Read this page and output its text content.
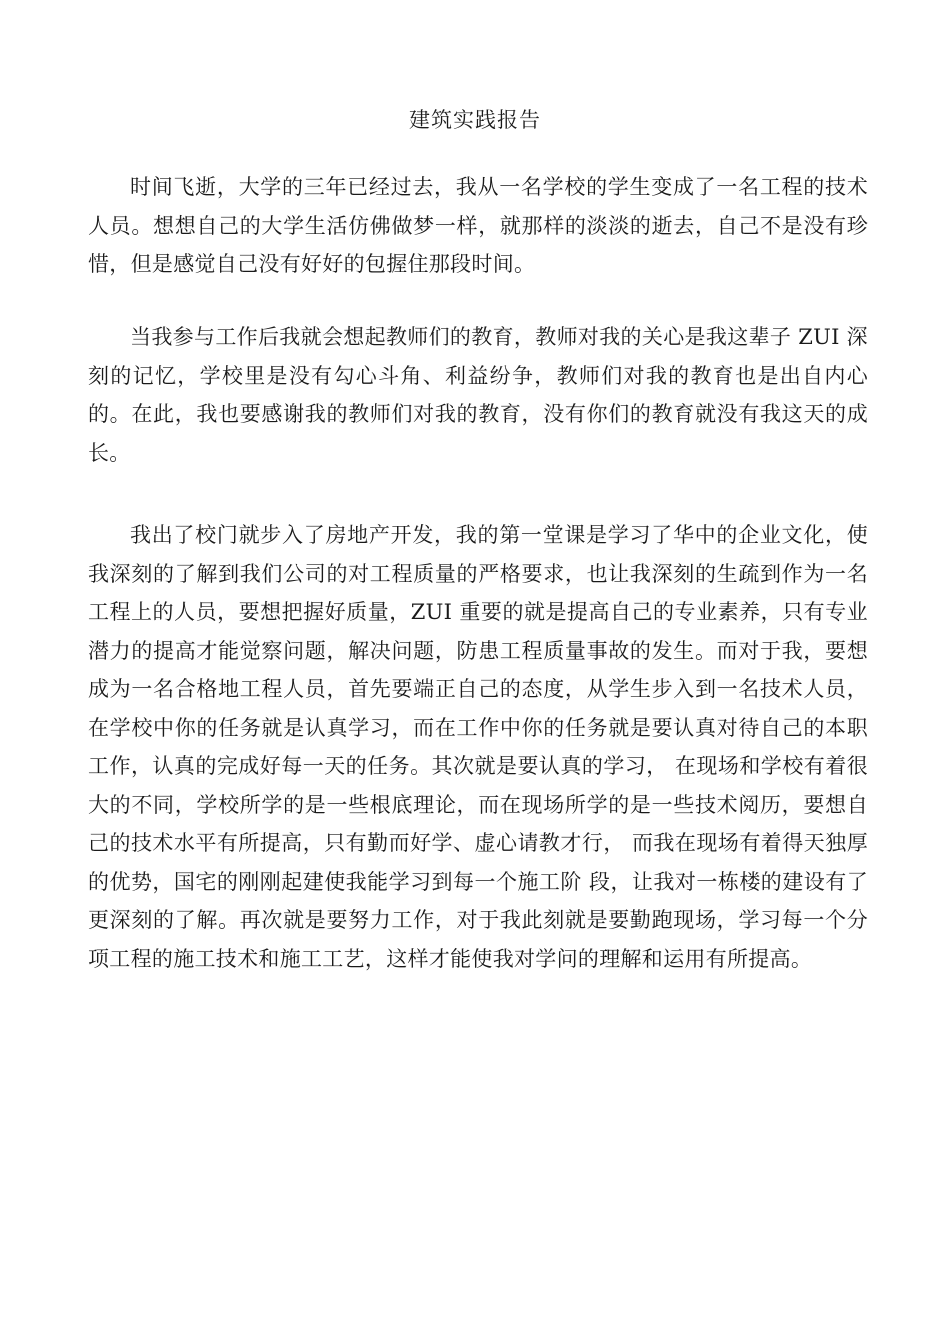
建筑实践报告

时间飞逝，大学的三年已经过去，我从一名学校的学生变成了一名工程的技术人员。想想自己的大学生活仿佛做梦一样，就那样的淡淡的逝去，自己不是没有珍惜，但是感觉自己没有好好的包握住那段时间。

当我参与工作后我就会想起教师们的教育，教师对我的关心是我这辈子 ZUI 深刻的记忆，学校里是没有勾心斗角、利益纷争，教师们对我的教育也是出自内心的。在此，我也要感谢我的教师们对我的教育，没有你们的教育就没有我这天的成长。

我出了校门就步入了房地产开发，我的第一堂课是学习了华中的企业文化，使我深刻的了解到我们公司的对工程质量的严格要求，也让我深刻的生疏到作为一名工程上的人员，要想把握好质量，ZUI 重要的就是提高自己的专业素养，只有专业潜力的提高才能觉察问题，解决问题，防患工程质量事故的发生。而对于我，要想成为一名合格地工程人员，首先要端正自己的态度，从学生步入到一名技术人员，在学校中你的任务就是认真学习，而在工作中你的任务就是要认真对待自己的本职工作，认真的完成好每一天的任务。其次就是要认真的学习， 在现场和学校有着很大的不同，学校所学的是一些根底理论，而在现场所学的是一些技术阅历，要想自己的技术水平有所提高，只有勤而好学、虚心请教才行， 而我在现场有着得天独厚的优势，国宅的刚刚起建使我能学习到每一个施工阶 段，让我对一栋楼的建设有了更深刻的了解。再次就是要努力工作，对于我此刻就是要勤跑现场，学习每一个分项工程的施工技术和施工工艺，这样才能使我对学问的理解和运用有所提高。
